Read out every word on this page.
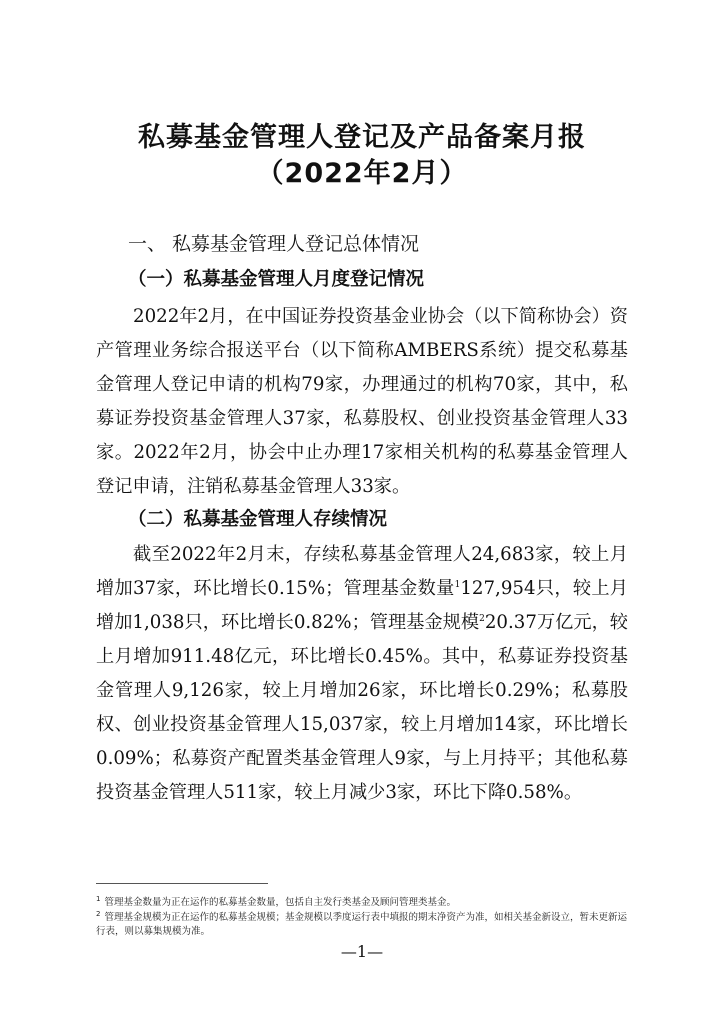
私募基金管理人登记及产品备案月报
（2022年2月）
一、 私募基金管理人登记总体情况
（一）私募基金管理人月度登记情况
2022年2月，在中国证券投资基金业协会（以下简称协会）资产管理业务综合报送平台（以下简称AMBERS系统）提交私募基金管理人登记申请的机构79家，办理通过的机构70家，其中，私募证券投资基金管理人37家，私募股权、创业投资基金管理人33家。2022年2月，协会中止办理17家相关机构的私募基金管理人登记申请，注销私募基金管理人33家。
（二）私募基金管理人存续情况
截至2022年2月末，存续私募基金管理人24,683家，较上月增加37家，环比增长0.15%；管理基金数量$^1$127,954只，较上月增加1,038只，环比增长0.82%；管理基金规模$^2$20.37万亿元，较上月增加911.48亿元，环比增长0.45%。其中，私募证券投资基金管理人9,126家，较上月增加26家，环比增长0.29%；私募股权、创业投资基金管理人15,037家，较上月增加14家，环比增长0.09%；私募资产配置类基金管理人9家，与上月持平；其他私募投资基金管理人511家，较上月减少3家，环比下降0.58%。
$^1$ 管理基金数量为正在运作的私募基金数量，包括自主发行类基金及顾问管理类基金。
$^2$ 管理基金规模为正在运作的私募基金规模；基金规模以季度运行表中填报的期末净资产为准，如相关基金新设立，暂未更新运行表，则以募集规模为准。
—1—
